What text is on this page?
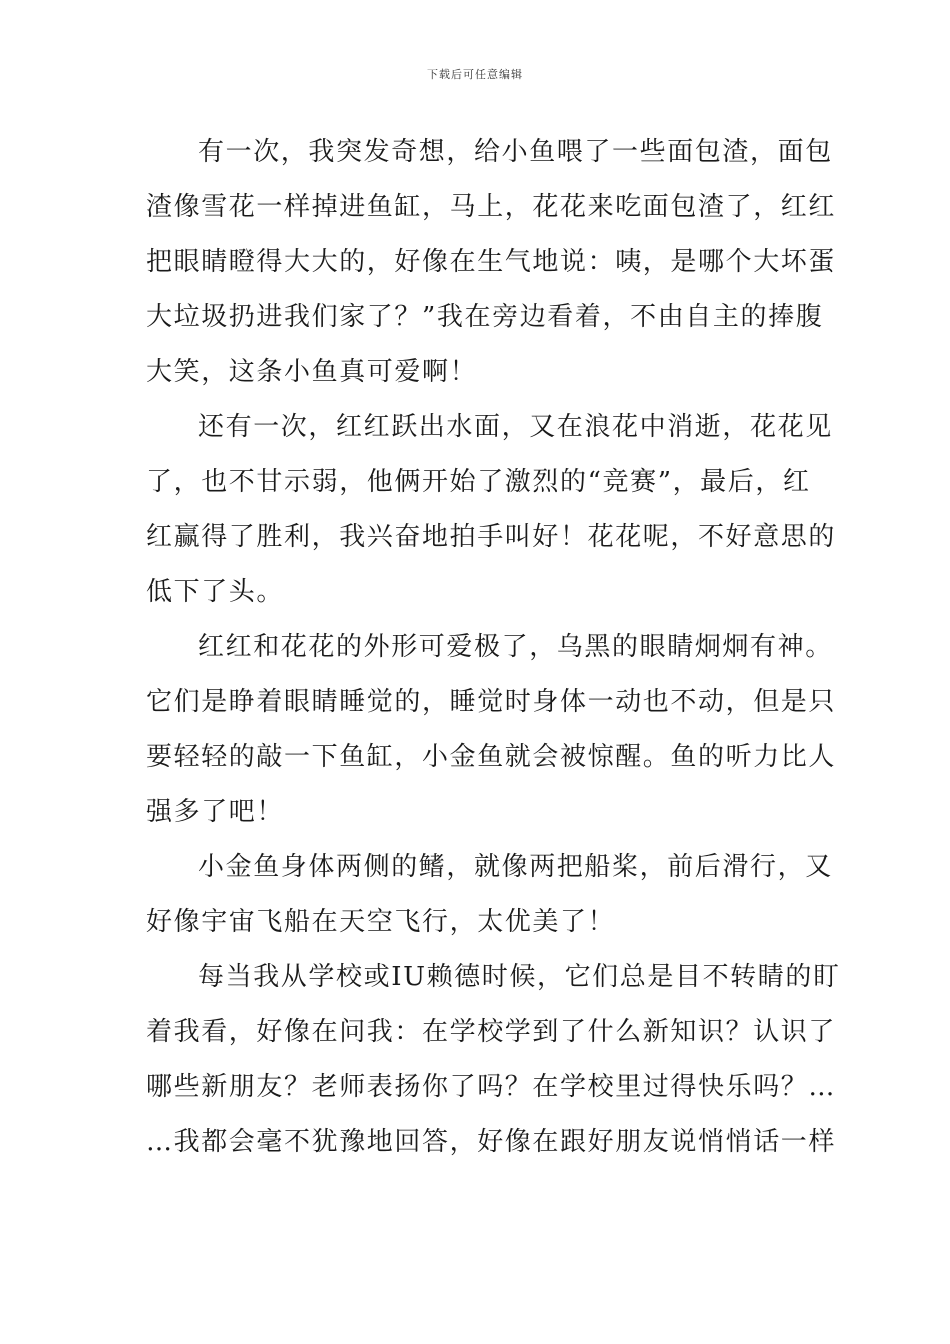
下载后可任意编辑
有一次，我突发奇想，给小鱼喂了一些面包渣，面包
渣像雪花一样掉进鱼缸，马上，花花来吃面包渣了，红红
把眼睛瞪得大大的，好像在生气地说：咦，是哪个大坏蛋
大垃圾扔进我们家了？”我在旁边看着，不由自主的捧腹
大笑，这条小鱼真可爱啊！
还有一次，红红跃出水面，又在浪花中消逝，花花见
了，也不甘示弱，他俩开始了激烈的“竞赛”，最后，红
红赢得了胜利，我兴奋地拍手叫好！花花呢，不好意思的
低下了头。
红红和花花的外形可爱极了，乌黑的眼睛炯炯有神。
它们是睁着眼睛睡觉的，睡觉时身体一动也不动，但是只
要轻轻的敲一下鱼缸，小金鱼就会被惊醒。鱼的听力比人
强多了吧！
小金鱼身体两侧的鳍，就像两把船桨，前后滑行，又
好像宇宙飞船在天空飞行，太优美了！
每当我从学校或IU赖德时候，它们总是目不转睛的盯
着我看，好像在问我：在学校学到了什么新知识？认识了
哪些新朋友？老师表扬你了吗？在学校里过得快乐吗？…
…我都会毫不犹豫地回答，好像在跟好朋友说悄悄话一样
